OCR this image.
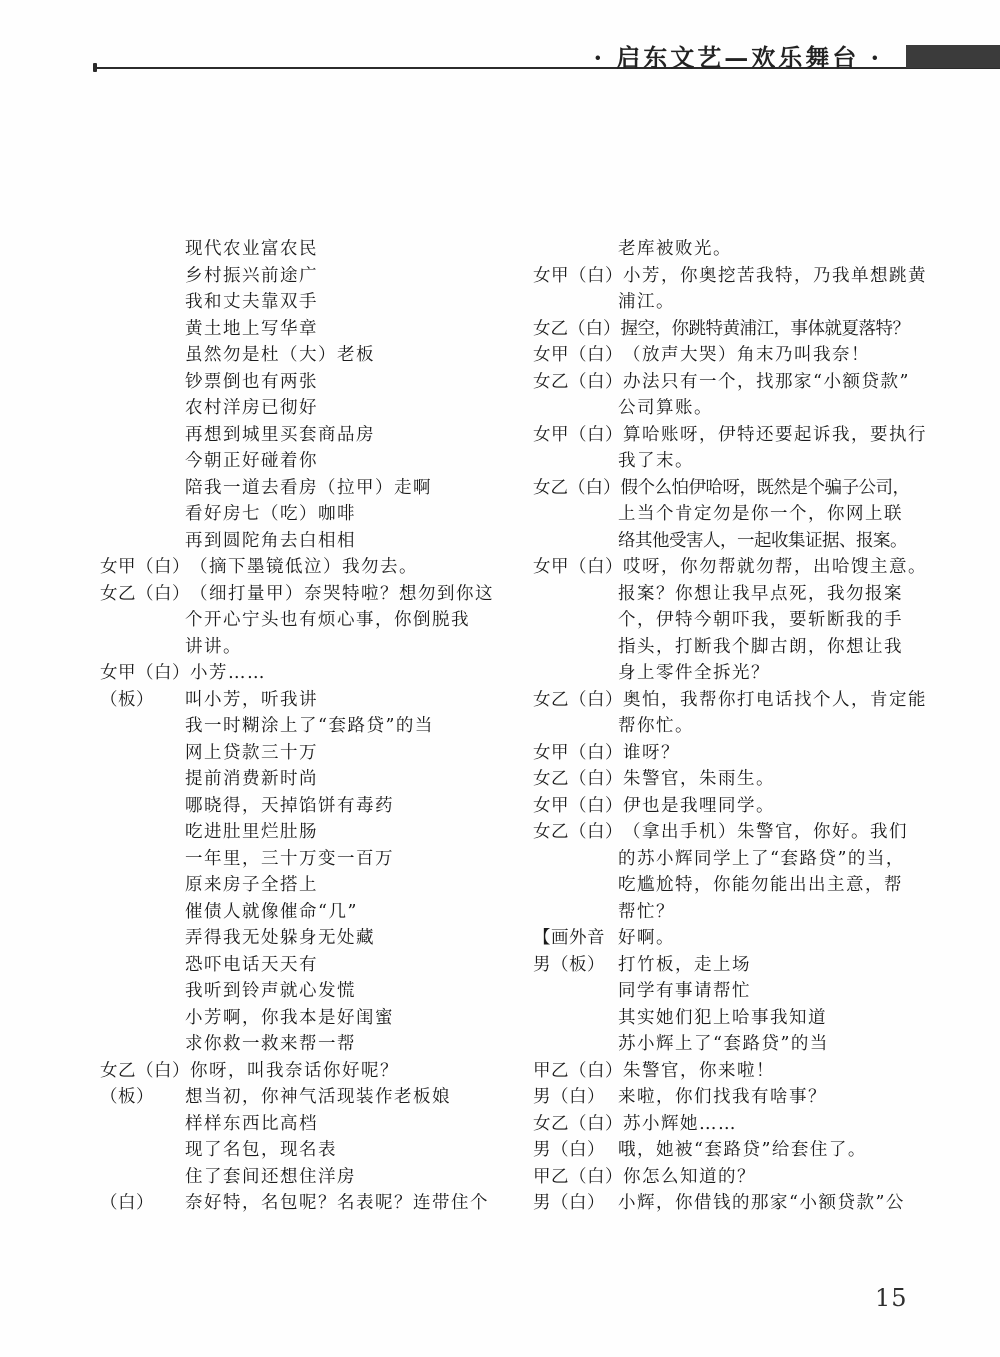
· 启东文艺—欢乐舞台 ·
现代农业富农民
乡村振兴前途广
我和丈夫靠双手
黄土地上写华章
虽然勿是杜（大）老板
钞票倒也有两张
农村洋房已彻好
再想到城里买套商品房
今朝正好碰着你
陪我一道去看房（拉甲）走啊
看好房七（吃）咖啡
再到圆陀角去白相相
女甲（白） （摘下墨镜低泣）我勿去。
女乙（白） （细打量甲）奈哭特啦？想勿到你这
个开心宁头也有烦心事，你倒脱我
讲讲。
女甲（白） 小芳……
（板）	叫小芳，听我讲
我一时糊涂上了“套路贷”的当
网上贷款三十万
提前消费新时尚
哪晓得，天掉馅饼有毒药
吃进肚里烂肚肠
一年里，三十万变一百万
原来房子全搭上
催债人就像催命“几”
弄得我无处躲身无处藏
恐吓电话天天有
我听到铃声就心发慌
小芳啊，你我本是好闺蜜
求你救一救来帮一帮
女乙（白） 你呀，叫我奈话你好呢？
（板）	想当初，你神气活现装作老板娘
样样东西比高档
现了名包，现名表
住了套间还想住洋房
（白）	奈好特，名包呢？名表呢？连带住个
老库被败光。
女甲（白） 小芳，你奥挖苦我特，乃我单想跳黄
浦江。
女乙（白） 握空，你跳特黄浦江，事体就夏落特？
女甲（白） （放声大哭）角末乃叫我奈！
女乙（白） 办法只有一个，找那家“小额贷款”
公司算账。
女甲（白） 算哈账呀，伊特还要起诉我，要执行
我了末。
女乙（白） 假个么怕伊哈呀，既然是个骗子公司，
上当个肯定勿是你一个，你网上联
络其他受害人，一起收集证据、报案。
女甲（白） 哎呀，你勿帮就勿帮，出哈馊主意。
报案？你想让我早点死，我勿报案
个，伊特今朝吓我，要斩断我的手
指头，打断我个脚古朗，你想让我
身上零件全拆光？
女乙（白） 奥怕，我帮你打电话找个人，肯定能
帮你忙。
女甲（白） 谁呀？
女乙（白） 朱警官，朱雨生。
女甲（白） 伊也是我哩同学。
女乙（白） （拿出手机）朱警官，你好。我们
的苏小辉同学上了“套路贷”的当，
吃尴尬特，你能勿能出出主意，帮
帮忙？
【画外音 好啊。
男（板） 打竹板，走上场
同学有事请帮忙
其实她们犯上哈事我知道
苏小辉上了“套路贷”的当
甲乙（白） 朱警官，你来啦！
男（白） 来啦，你们找我有啥事？
女乙（白） 苏小辉她……
男（白） 哦，她被“套路贷”给套住了。
甲乙（白） 你怎么知道的？
男（白） 小辉，你借钱的那家“小额贷款”公
15
